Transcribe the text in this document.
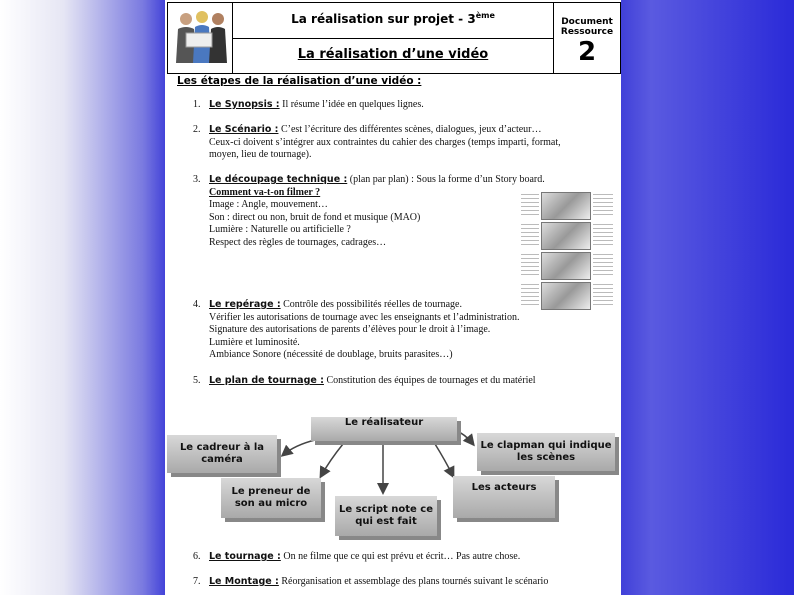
La réalisation sur projet - 3ème
La réalisation d’une vidéo
Document
Ressource
2
Les étapes de la réalisation d’une vidéo :
1. Le Synopsis : Il résume l’idée en quelques lignes.
2. Le Scénario : C’est l’écriture des différentes scènes, dialogues, jeux d’acteur…
Ceux-ci doivent s’intégrer aux contraintes du cahier des charges (temps imparti, format,
moyen, lieu de tournage).
3. Le découpage technique : (plan par plan) : Sous la forme d’un Story board.
Comment va-t-on filmer ?
Image : Angle, mouvement…
Son : direct ou non, bruit de fond et musique (MAO)
Lumière : Naturelle ou artificielle ?
Respect des règles de tournages, cadrages…
4. Le repérage : Contrôle des possibilités réelles de tournage.
Vérifier les autorisations de tournage avec les enseignants et l’administration.
Signature des autorisations de parents d’élèves pour le droit à l’image.
Lumière et luminosité.
Ambiance Sonore (nécessité de doublage, bruits parasites…)
5. Le plan de tournage : Constitution des équipes de tournages et du matériel
Le réalisateur
Le cadreur à la caméra
Le preneur de son au micro
Le script note ce qui est fait
Les acteurs
Le clapman qui indique les scènes
6. Le tournage : On ne filme que ce qui est prévu et écrit… Pas autre chose.
7. Le Montage : Réorganisation et assemblage des plans tournés suivant le scénario
